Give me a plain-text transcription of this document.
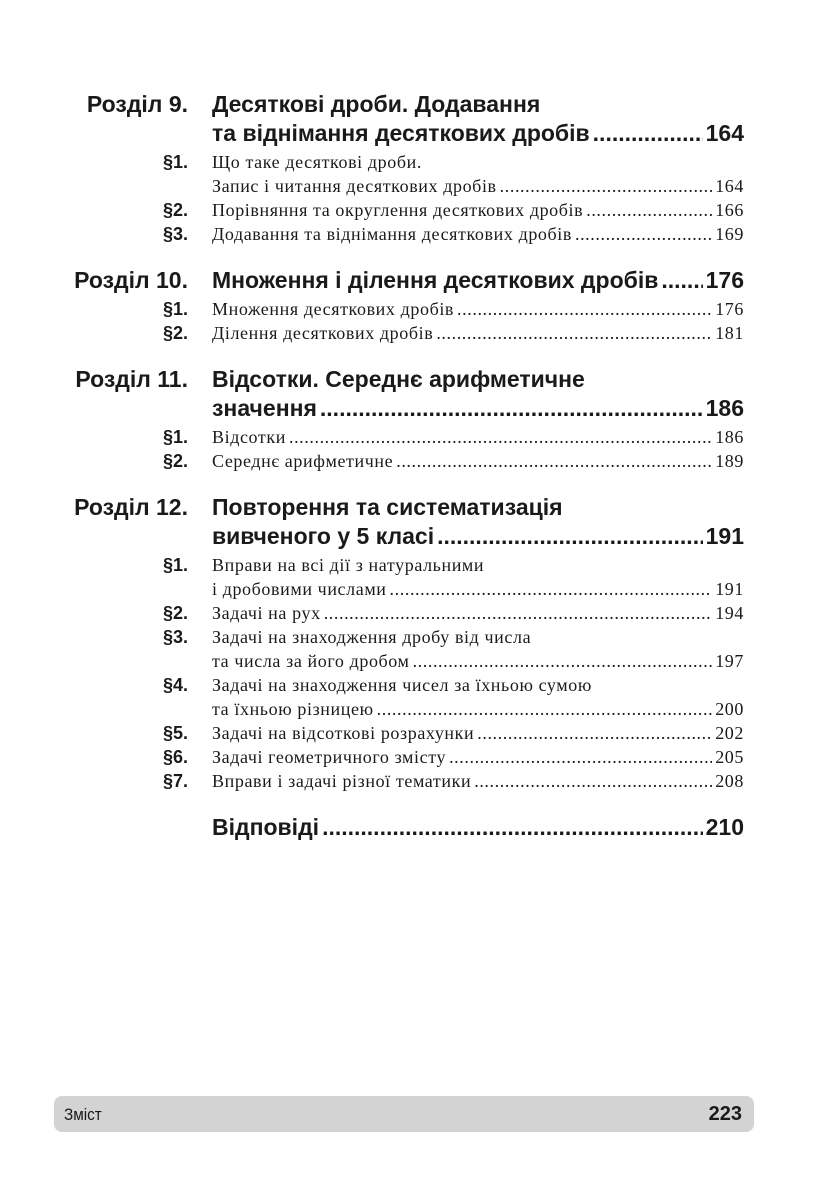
Розділ 9. Десяткові дроби. Додавання
та віднімання десяткових дробів .....	164
§1. Що таке десяткові дроби.
Запис і читання десяткових дробів .....	164
§2. Порівняння та округлення десяткових дробів .....	166
§3. Додавання та віднімання десяткових дробів .....	169
Розділ 10. Множення і ділення десяткових дробів ..... 176
§1. Множення десяткових дробів .....	176
§2. Ділення десяткових дробів .....	181
Розділ 11. Відсотки. Середнє арифметичне
значення .....	186
§1. Відсотки .....	186
§2. Середнє арифметичне .....	189
Розділ 12. Повторення та систематизація
вивченого у 5 класі .....	191
§1. Вправи на всі дії з натуральними
і дробовими числами .....	191
§2. Задачі на рух .....	194
§3. Задачі на знаходження дробу від числа
та числа за його дробом .....	197
§4. Задачі на знаходження чисел за їхньою сумою
та їхньою різницею .....	200
§5. Задачі на відсоткові розрахунки .....	202
§6. Задачі геометричного змісту .....	205
§7. Вправи і задачі різної тематики .....	208
Відповіді .....	210
Зміст	223
